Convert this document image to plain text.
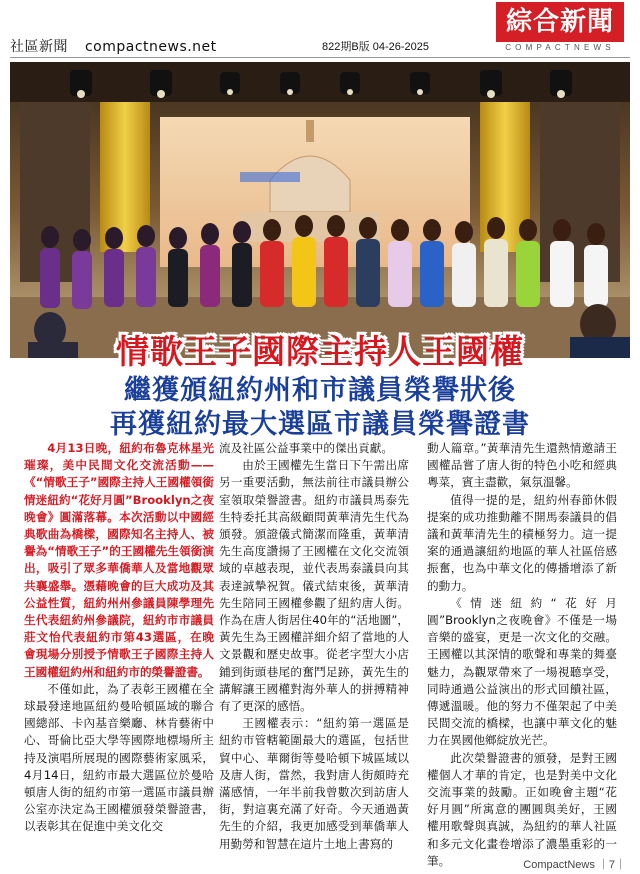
社區新聞 compactnews.net	822期B版 04-26-2025
綜合新聞
COMPACTNEWS
情歌王子國際主持人王國權
繼獲頒紐約州和市議員榮譽狀後
再獲紐約最大選區市議員榮譽證書

4月13日晚，紐約布魯克林星光璀璨，美中民間文化交流活動——《“情歌王子”國際主持人王國權領銜情迷紐約“花好月圓”Brooklyn之夜晚會》圓滿落幕。本次活動以中國經典歌曲為橋樑，國際知名主持人、被譽為“情歌王子”的王國權先生領銜演出，吸引了眾多華僑華人及當地觀眾共襄盛舉。憑藉晚會的巨大成功及其公益性質，紐約州州參議員陳學理先生代表紐約州參議院，紐約市市議員莊文怡代表紐約市第43選區，在晚會現場分別授予情歌王子國際主持人王國權紐約州和紐約市的榮譽證書。

不僅如此，為了表彰王國權在全球最發達地區紐約曼哈頓區域的聯合國總部、卡內基音樂廳、林肯藝術中心、哥倫比亞大學等國際地標場所主持及演唱所展現的國際藝術家風采，4月14日，紐約市最大選區位於曼哈頓唐人街的紐約市第一選區市議員辦公室亦決定為王國權頒發榮譽證書，以表彰其在促進中美文化交

流及社區公益事業中的傑出貢獻。

由於王國權先生當日下午需出席另一重要活動，無法前往市議員辦公室領取榮譽證書。紐約市議員馬泰先生特委托其高級顧問黃華清先生代為頒發。頒證儀式簡潔而隆重，黃華清先生高度讚揚了王國權在文化交流領域的卓越表現，並代表馬泰議員向其表達誠摯祝賀。儀式結束後，黃華清先生陪同王國權參觀了紐約唐人街。作為在唐人街居住40年的“活地圖”，黃先生為王國權詳細介紹了當地的人文景觀和歷史故事。從老字型大小店鋪到街頭巷尾的奮鬥足跡，黃先生的講解讓王國權對海外華人的拼搏精神有了更深的感悟。

王國權表示：“紐約第一選區是紐約市管轄範圍最大的選區，包括世貿中心、華爾街等曼哈頓下城區域以及唐人街，當然，我對唐人街頗時充滿感情，一年半前我曾數次到訪唐人街，對這裏充滿了好奇。今天通過黃先生的介紹，我更加感受到華僑華人用勤勞和智慧在這片土地上書寫的

動人篇章。”黃華清先生還熱情邀請王國權品嘗了唐人街的特色小吃和經典粵菜，賓主盡歡，氣氛溫馨。

值得一提的是，紐約州春節休假提案的成功推動離不開馬泰議員的倡議和黃華清先生的積極努力。這一提案的通過讓紐約地區的華人社區倍感振奮，也為中華文化的傳播增添了新的動力。

《情迷紐約“花好月圓”Brooklyn之夜晚會》不僅是一場音樂的盛宴，更是一次文化的交融。王國權以其深情的歌聲和專業的舞臺魅力，為觀眾帶來了一場視聽享受，同時通過公益演出的形式回饋社區，傳遞溫暖。他的努力不僅架起了中美民間交流的橋樑，也讓中華文化的魅力在異國他鄉綻放光芒。

此次榮譽證書的頒發，是對王國權個人才華的肯定，也是對美中文化交流事業的鼓勵。正如晚會主題“花好月圓”所寓意的團圓與美好，王國權用歌聲與真誠，為紐約的華人社區和多元文化畫卷增添了濃墨重彩的一筆。	CompactNews ｜7｜
